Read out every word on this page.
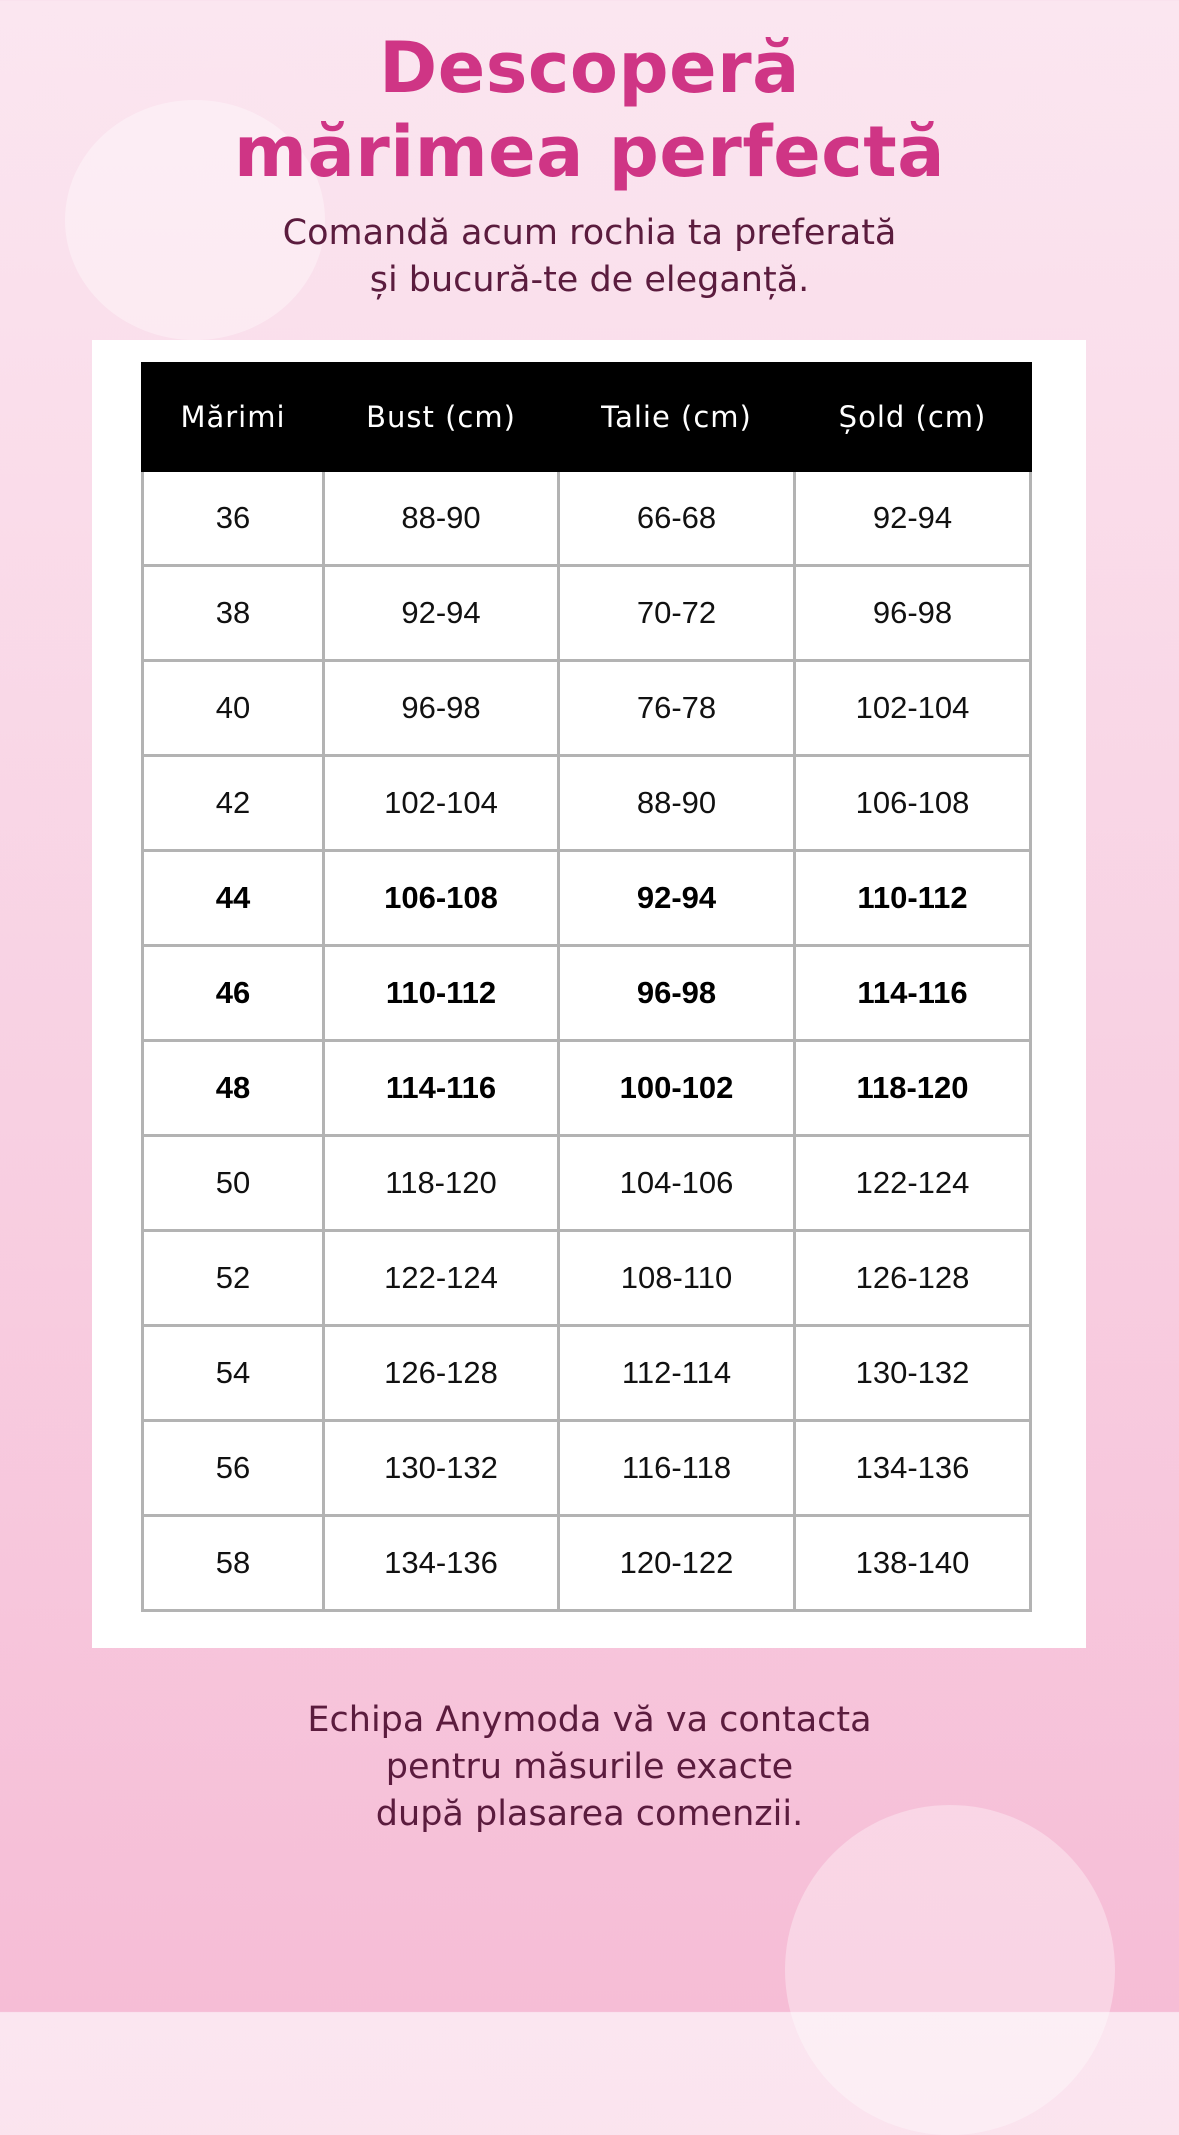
Descoperă
mărimea perfectă

Comandă acum rochia ta preferată
și bucură-te de eleganță.

Mărimi	Bust (cm)	Talie (cm)	Șold (cm)
36	88-90	66-68	92-94
38	92-94	70-72	96-98
40	96-98	76-78	102-104
42	102-104	88-90	106-108
44	106-108	92-94	110-112
46	110-112	96-98	114-116
48	114-116	100-102	118-120
50	118-120	104-106	122-124
52	122-124	108-110	126-128
54	126-128	112-114	130-132
56	130-132	116-118	134-136
58	134-136	120-122	138-140

Echipa Anymoda vă va contacta
pentru măsurile exacte
după plasarea comenzii.
